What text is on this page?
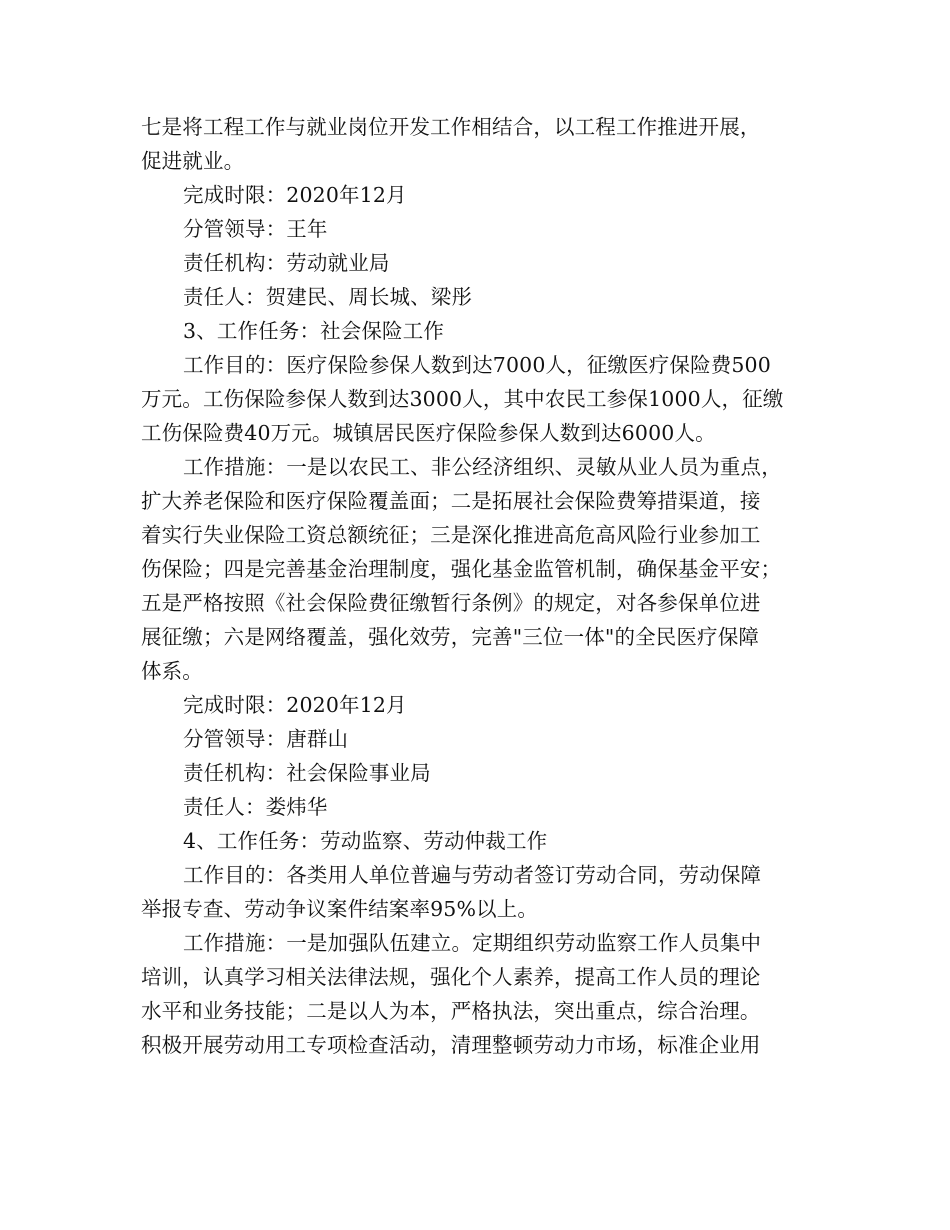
七是将工程工作与就业岗位开发工作相结合，以工程工作推进开展，
促进就业。
完成时限：2020年12月
分管领导：王年
责任机构：劳动就业局
责任人：贺建民、周长城、梁彤
3、工作任务：社会保险工作
工作目的：医疗保险参保人数到达7000人，征缴医疗保险费500
万元。工伤保险参保人数到达3000人，其中农民工参保1000人，征缴
工伤保险费40万元。城镇居民医疗保险参保人数到达6000人。
工作措施：一是以农民工、非公经济组织、灵敏从业人员为重点，
扩大养老保险和医疗保险覆盖面；二是拓展社会保险费筹措渠道，接
着实行失业保险工资总额统征；三是深化推进高危高风险行业参加工
伤保险；四是完善基金治理制度，强化基金监管机制，确保基金平安；
五是严格按照《社会保险费征缴暂行条例》的规定，对各参保单位进
展征缴；六是网络覆盖，强化效劳，完善"三位一体"的全民医疗保障
体系。
完成时限：2020年12月
分管领导：唐群山
责任机构：社会保险事业局
责任人：娄炜华
4、工作任务：劳动监察、劳动仲裁工作
工作目的：各类用人单位普遍与劳动者签订劳动合同，劳动保障
举报专查、劳动争议案件结案率95%以上。
工作措施：一是加强队伍建立。定期组织劳动监察工作人员集中
培训，认真学习相关法律法规，强化个人素养，提高工作人员的理论
水平和业务技能；二是以人为本，严格执法，突出重点，综合治理。
积极开展劳动用工专项检查活动，清理整顿劳动力市场，标准企业用
